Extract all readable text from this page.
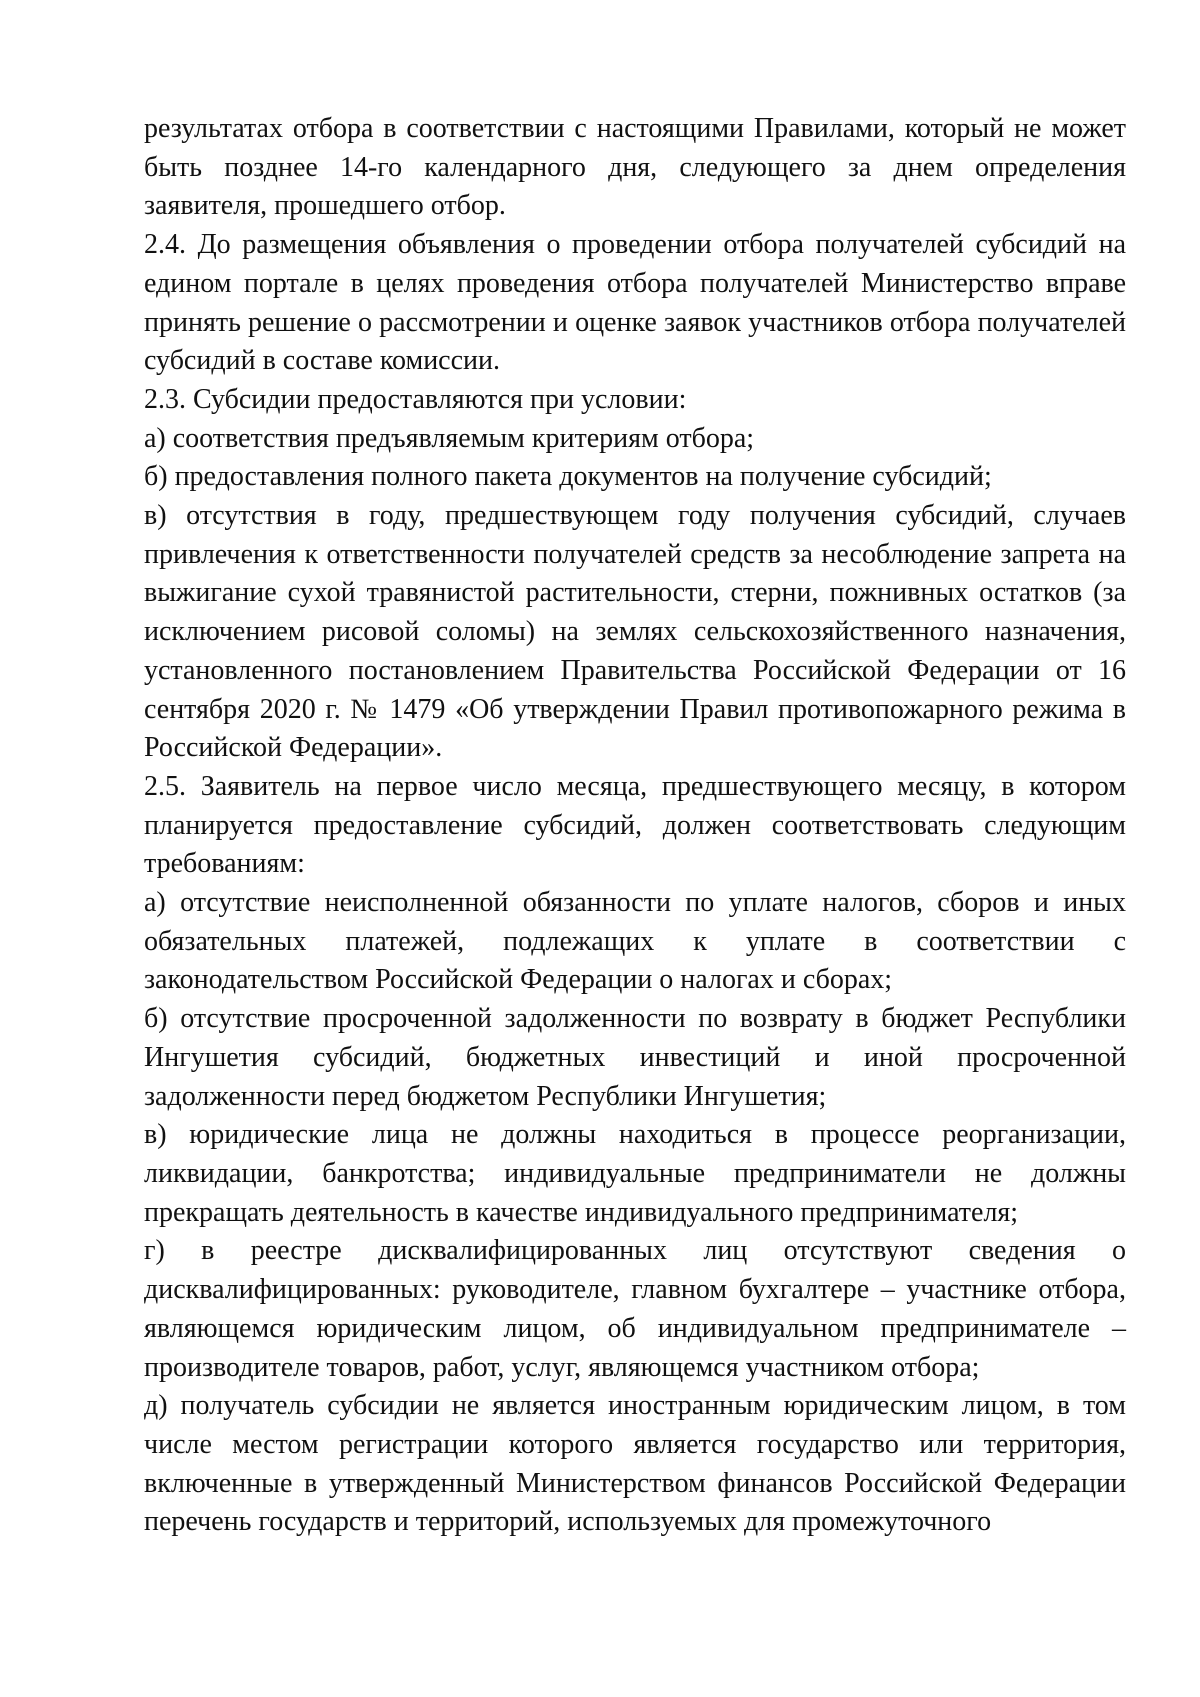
результатах отбора в соответствии с настоящими Правилами, который не может быть позднее 14-го календарного дня, следующего за днем определения заявителя, прошедшего отбор.

2.4. До размещения объявления о проведении отбора получателей субсидий на едином портале в целях проведения отбора получателей Министерство вправе принять решение о рассмотрении и оценке заявок участников отбора получателей субсидий в составе комиссии.

2.3. Субсидии предоставляются при условии:

а) соответствия предъявляемым критериям отбора;

б) предоставления полного пакета документов на получение субсидий;

в) отсутствия в году, предшествующем году получения субсидий, случаев привлечения к ответственности получателей средств за несоблюдение запрета на выжигание сухой травянистой растительности, стерни, пожнивных остатков (за исключением рисовой соломы) на землях сельскохозяйственного назначения, установленного постановлением Правительства Российской Федерации от 16 сентября 2020 г. № 1479 «Об утверждении Правил противопожарного режима в Российской Федерации».

2.5. Заявитель на первое число месяца, предшествующего месяцу, в котором планируется предоставление субсидий, должен соответствовать следующим требованиям:

а) отсутствие неисполненной обязанности по уплате налогов, сборов и иных обязательных платежей, подлежащих к уплате в соответствии с законодательством Российской Федерации о налогах и сборах;

б) отсутствие просроченной задолженности по возврату в бюджет Республики Ингушетия субсидий, бюджетных инвестиций и иной просроченной задолженности перед бюджетом Республики Ингушетия;

в) юридические лица не должны находиться в процессе реорганизации, ликвидации, банкротства; индивидуальные предприниматели не должны прекращать деятельность в качестве индивидуального предпринимателя;

г) в реестре дисквалифицированных лиц отсутствуют сведения о дисквалифицированных: руководителе, главном бухгалтере – участнике отбора, являющемся юридическим лицом, об индивидуальном предпринимателе – производителе товаров, работ, услуг, являющемся участником отбора;

д) получатель субсидии не является иностранным юридическим лицом, в том числе местом регистрации которого является государство или территория, включенные в утвержденный Министерством финансов Российской Федерации перечень государств и территорий, используемых для промежуточного
